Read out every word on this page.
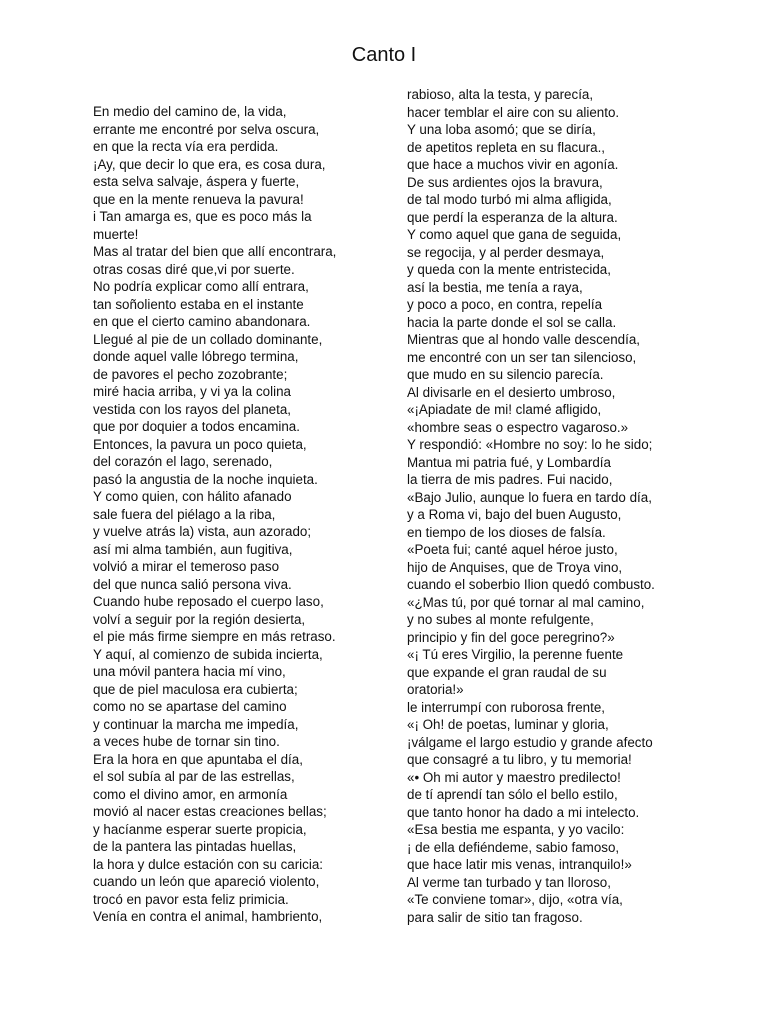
Canto I
En medio del camino de, la vida,
errante me encontré por selva oscura,
en que la recta vía era perdida.
¡Ay, que decir lo que era, es cosa dura,
esta selva salvaje, áspera y fuerte,
que en la mente renueva la pavura!
i Tan amarga es, que es poco más la
muerte!
Mas al tratar del bien que allí encontrara,
otras cosas diré que,vi por suerte.
No podría explicar como allí entrara,
tan soñoliento estaba en el instante
en que el cierto camino abandonara.
Llegué al pie de un collado dominante,
donde aquel valle lóbrego termina,
de pavores el pecho zozobrante;
miré hacia arriba, y vi ya la colina
vestida con los rayos del planeta,
que por doquier a todos encamina.
Entonces, la pavura un poco quieta,
del corazón el lago, serenado,
pasó la angustia de la noche inquieta.
Y como quien, con hálito afanado
sale fuera del piélago a la riba,
y vuelve atrás la) vista, aun azorado;
así mi alma también, aun fugitiva,
volvió a mirar el temeroso paso
del que nunca salió persona viva.
Cuando hube reposado el cuerpo laso,
volví a seguir por la región desierta,
el pie más firme siempre en más retraso.
Y aquí, al comienzo de subida incierta,
una móvil pantera hacia mí vino,
que de piel maculosa era cubierta;
como no se apartase del camino
y continuar la marcha me impedía,
a veces hube de tornar sin tino.
Era la hora en que apuntaba el día,
el sol subía al par de las estrellas,
como el divino amor, en armonía
movió al nacer estas creaciones bellas;
y hacíanme esperar suerte propicia,
de la pantera las pintadas huellas,
la hora y dulce estación con su caricia:
cuando un león que apareció violento,
trocó en pavor esta feliz primicia.
Venía en contra el animal, hambriento,
rabioso, alta la testa, y parecía,
hacer temblar el aire con su aliento.
Y una loba asomó; que se diría,
de apetitos repleta en su flacura.,
que hace a muchos vivir en agonía.
De sus ardientes ojos la bravura,
de tal modo turbó mi alma afligida,
que perdí la esperanza de la altura.
Y como aquel que gana de seguida,
se regocija, y al perder desmaya,
y queda con la mente entristecida,
así la bestia, me tenía a raya,
y poco a poco, en contra, repelía
hacia la parte donde el sol se calla.
Mientras que al hondo valle descendía,
me encontré con un ser tan silencioso,
que mudo en su silencio parecía.
Al divisarle en el desierto umbroso,
«¡Apiadate de mi! clamé afligido,
«hombre seas o espectro vagaroso.»
Y respondió: «Hombre no soy: lo he sido;
Mantua mi patria fué, y Lombardía
la tierra de mis padres. Fui nacido,
«Bajo Julio, aunque lo fuera en tardo día,
y a Roma vi, bajo del buen Augusto,
en tiempo de los dioses de falsía.
«Poeta fui; canté aquel héroe justo,
hijo de Anquises, que de Troya vino,
cuando el soberbio Ilion quedó combusto.
«¿Mas tú, por qué tornar al mal camino,
y no subes al monte refulgente,
principio y fin del goce peregrino?»
«¡ Tú eres Virgilio, la perenne fuente
que expande el gran raudal de su
oratoria!»
le interrumpí con ruborosa frente,
«¡ Oh! de poetas, luminar y gloria,
¡válgame el largo estudio y grande afecto
que consagré a tu libro, y tu memoria!
«• Oh mi autor y maestro predilecto!
de tí aprendí tan sólo el bello estilo,
que tanto honor ha dado a mi intelecto.
«Esa bestia me espanta, y yo vacilo:
¡ de ella defiéndeme, sabio famoso,
que hace latir mis venas, intranquilo!»
Al verme tan turbado y tan lloroso,
«Te conviene tomar», dijo, «otra vía,
para salir de sitio tan fragoso.
